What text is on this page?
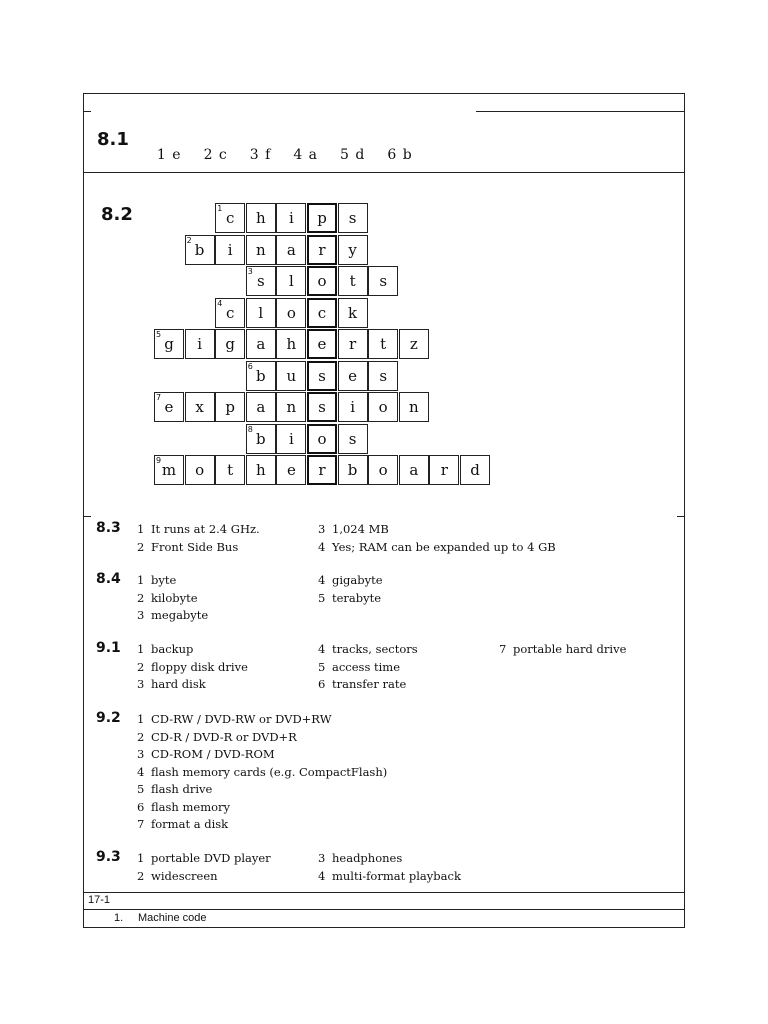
8.1

1 e 2 c 3 f 4 a 5 d 6 b

8.2	c	h	i	p	s
1
b	i	n	a	r	y
2
s	l	o	t	s
3
c	l	o	c	k
4
g	i	g	a	h	e	r	t	z
5
b	u	s	e	s
6
e	x	p	a	n	s	i	o	n
7
b	i	o	s
8
m	o	t	h	e	r	b	o	a	r	d
9
8.3 1 It runs at 2.4 GHz.
2 Front Side Bus
3 1,024 MB
4 Yes; RAM can be expanded up to 4 GB
8.4 1 byte
2 kilobyte
3 megabyte
4 gigabyte
5 terabyte
9.1 1 backup
2 floppy disk drive
3 hard disk
4 tracks, sectors
5 access time
6 transfer rate
7 portable hard drive
9.2 1 CD-RW / DVD-RW or DVD+RW
2 CD-R / DVD-R or DVD+R
3 CD-ROM / DVD-ROM
4 flash memory cards (e.g. CompactFlash)
5 flash drive
6 flash memory
7 format a disk
9.3 1 portable DVD player
2 widescreen
3 headphones
4 multi-format playback
17-1
1. Machine code
